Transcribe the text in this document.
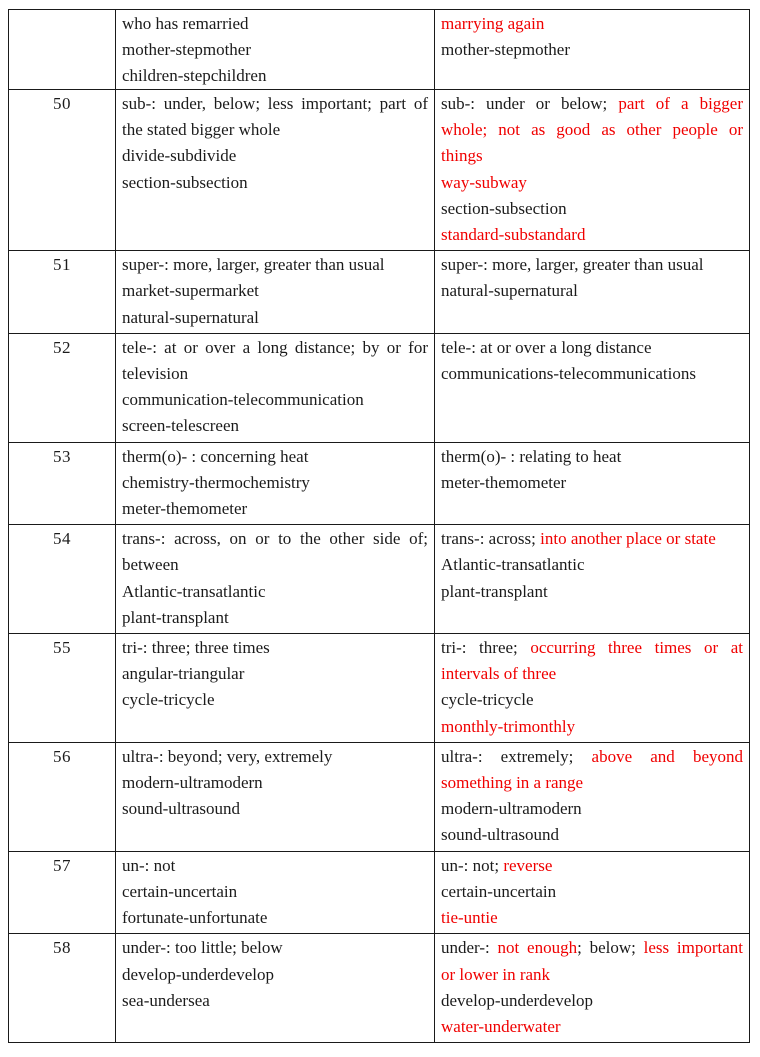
who has remarried
mother-stepmother
children-stepchildren

marrying again
mother-stepmother

50	sub-: under, below; less important; part of
the stated bigger whole
divide-subdivide
section-subsection

sub-: under or below; part of a bigger
whole; not as good as other people or
things
way-subway
section-subsection
standard-substandard

51	super-: more, larger, greater than usual
market-supermarket
natural-supernatural

super-: more, larger, greater than usual
natural-supernatural

52	tele-: at or over a long distance; by or for
television
communication-telecommunication
screen-telescreen

tele-: at or over a long distance
communications-telecommunications

53	therm(o)- : concerning heat
chemistry-thermochemistry
meter-themometer

therm(o)- : relating to heat
meter-themometer

54	trans-: across, on or to the other side of;
between
Atlantic-transatlantic
plant-transplant

trans-: across; into another place or state
Atlantic-transatlantic
plant-transplant

55	tri-: three; three times
angular-triangular
cycle-tricycle

tri-: three; occurring three times or at
intervals of three
cycle-tricycle
monthly-trimonthly

56	ultra-: beyond; very, extremely
modern-ultramodern
sound-ultrasound

ultra-: extremely; above and beyond
something in a range
modern-ultramodern
sound-ultrasound

57	un-: not
certain-uncertain
fortunate-unfortunate

un-: not; reverse
certain-uncertain
tie-untie

58	under-: too little; below
develop-underdevelop
sea-undersea

under-: not enough; below; less important
or lower in rank
develop-underdevelop
water-underwater
